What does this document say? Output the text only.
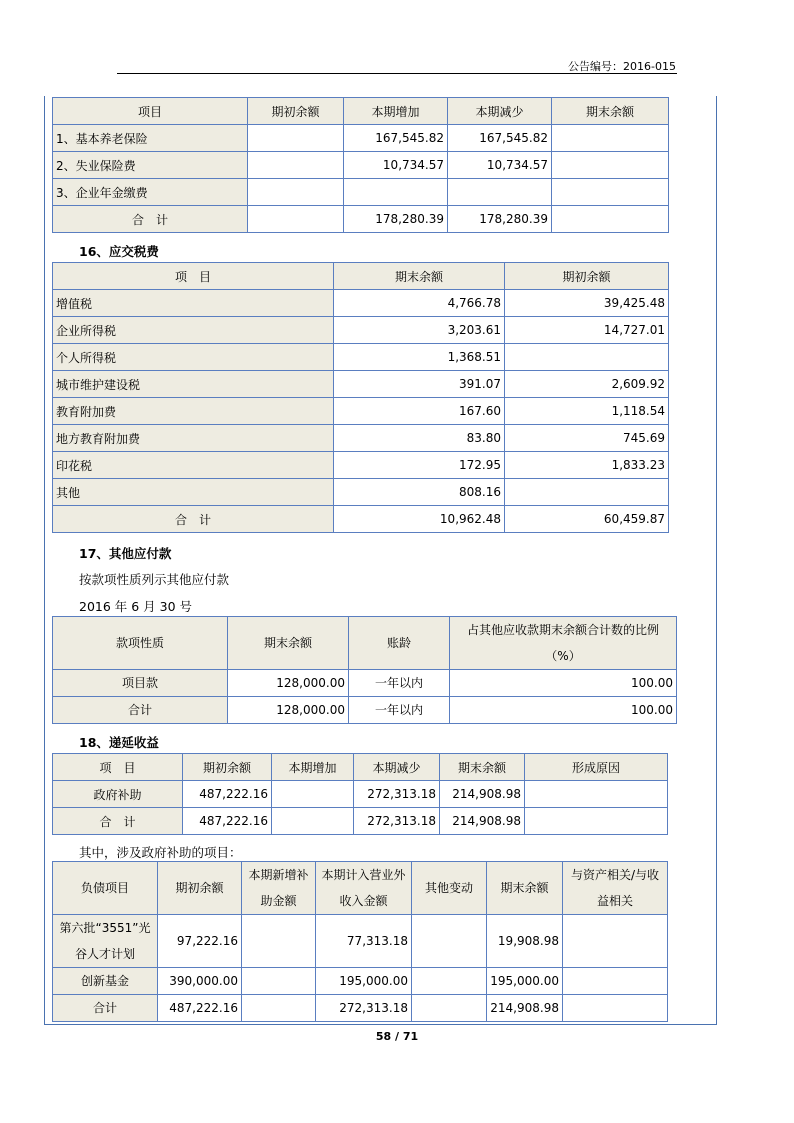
公告编号：2016-015
项目	期初余额	本期增加	本期减少	期末余额
1、基本养老保险		167,545.82	167,545.82	
2、失业保险费		10,734.57	10,734.57	
3、企业年金缴费				
合　计		178,280.39	178,280.39	
16、应交税费
项　目	期末余额	期初余额
增值税	4,766.78	39,425.48
企业所得税	3,203.61	14,727.01
个人所得税	1,368.51	
城市维护建设税	391.07	2,609.92
教育附加费	167.60	1,118.54
地方教育附加费	83.80	745.69
印花税	172.95	1,833.23
其他	808.16	
合　计	10,962.48	60,459.87
17、其他应付款
按款项性质列示其他应付款
2016 年 6 月 30 号
款项性质	期末余额	账龄	占其他应收款期末余额合计数的比例（%）
项目款	128,000.00	一年以内	100.00
合计	128,000.00	一年以内	100.00
18、递延收益
项　目	期初余额	本期增加	本期减少	期末余额	形成原因
政府补助	487,222.16		272,313.18	214,908.98	
合　计	487,222.16		272,313.18	214,908.98	
其中，涉及政府补助的项目：
负债项目	期初余额	本期新增补助金额	本期计入营业外收入金额	其他变动	期末余额	与资产相关/与收益相关
第六批“3551”光谷人才计划	97,222.16		77,313.18		19,908.98	
创新基金	390,000.00		195,000.00		195,000.00	
合计	487,222.16		272,313.18		214,908.98	
58 / 71
